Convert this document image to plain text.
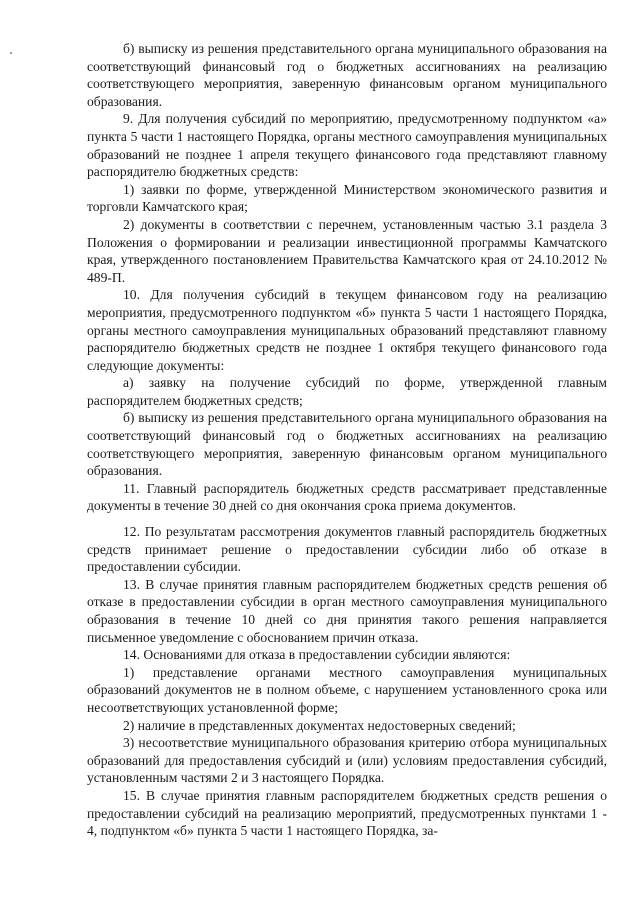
б) выписку из решения представительного органа муниципального образования на соответствующий финансовый год о бюджетных ассигнованиях на реализацию соответствующего мероприятия, заверенную финансовым органом муниципального образования.

9. Для получения субсидий по мероприятию, предусмотренному подпунктом «а» пункта 5 части 1 настоящего Порядка, органы местного самоуправления муниципальных образований не позднее 1 апреля текущего финансового года представляют главному распорядителю бюджетных средств:

1) заявки по форме, утвержденной Министерством экономического развития и торговли Камчатского края;

2) документы в соответствии с перечнем, установленным частью 3.1 раздела 3 Положения о формировании и реализации инвестиционной программы Камчатского края, утвержденного постановлением Правительства Камчатского края от 24.10.2012 № 489-П.

10. Для получения субсидий в текущем финансовом году на реализацию мероприятия, предусмотренного подпунктом «б» пункта 5 части 1 настоящего Порядка, органы местного самоуправления муниципальных образований представляют главному распорядителю бюджетных средств не позднее 1 октября текущего финансового года следующие документы:

а) заявку на получение субсидий по форме, утвержденной главным распорядителем бюджетных средств;

б) выписку из решения представительного органа муниципального образования на соответствующий финансовый год о бюджетных ассигнованиях на реализацию соответствующего мероприятия, заверенную финансовым органом муниципального образования.

11. Главный распорядитель бюджетных средств рассматривает представленные документы в течение 30 дней со дня окончания срока приема документов.

12. По результатам рассмотрения документов главный распорядитель бюджетных средств принимает решение о предоставлении субсидии либо об отказе в предоставлении субсидии.

13. В случае принятия главным распорядителем бюджетных средств решения об отказе в предоставлении субсидии в орган местного самоуправления муниципального образования в течение 10 дней со дня принятия такого решения направляется письменное уведомление с обоснованием причин отказа.

14. Основаниями для отказа в предоставлении субсидии являются:

1) представление органами местного самоуправления муниципальных образований документов не в полном объеме, с нарушением установленного срока или несоответствующих установленной форме;

2) наличие в представленных документах недостоверных сведений;

3) несоответствие муниципального образования критерию отбора муниципальных образований для предоставления субсидий и (или) условиям предоставления субсидий, установленным частями 2 и 3 настоящего Порядка.

15. В случае принятия главным распорядителем бюджетных средств решения о предоставлении субсидий на реализацию мероприятий, предусмотренных пунктами 1 - 4, подпунктом «б» пункта 5 части 1 настоящего Порядка, за-
